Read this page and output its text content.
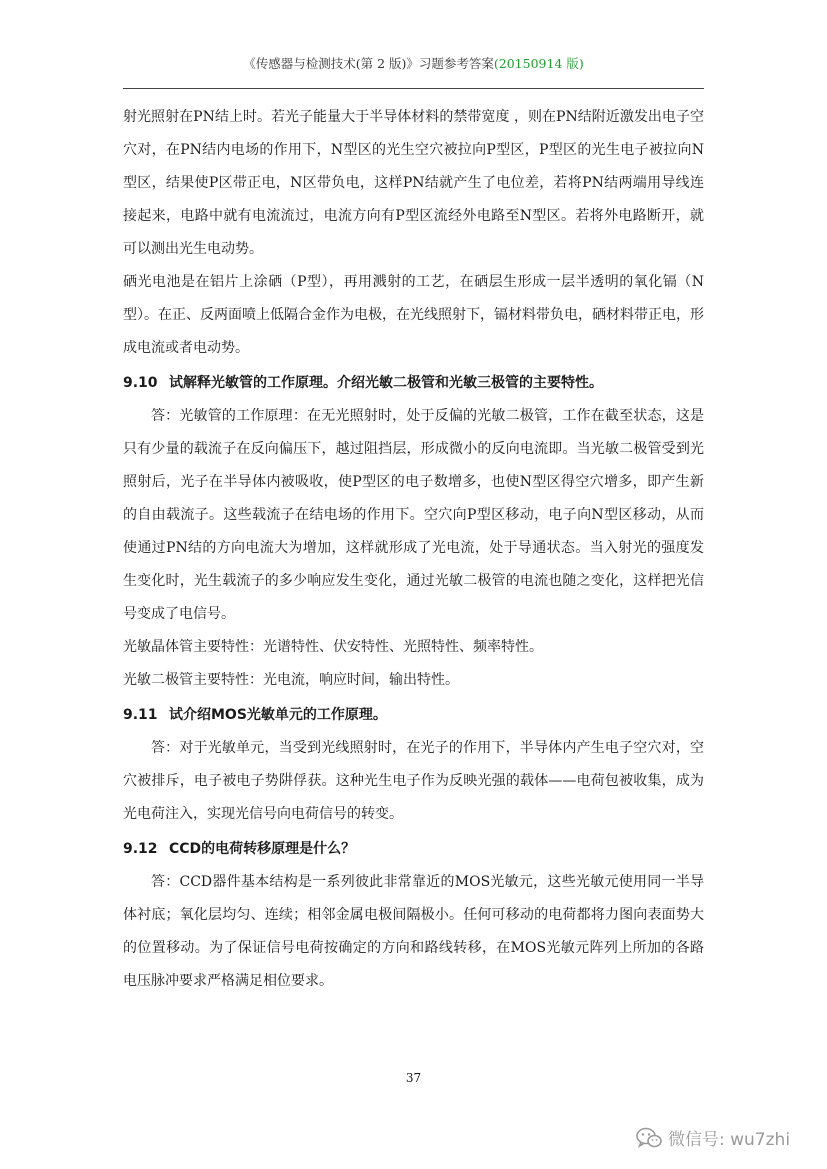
《传感器与检测技术(第 2 版)》习题参考答案(20150914 版)

射光照射在PN结上时。若光子能量大于半导体材料的禁带宽度 ，则在PN结附近激发出电子空穴对，在PN结内电场的作用下，N型区的光生空穴被拉向P型区，P型区的光生电子被拉向N型区，结果使P区带正电，N区带负电，这样PN结就产生了电位差，若将PN结两端用导线连接起来，电路中就有电流流过，电流方向有P型区流经外电路至N型区。若将外电路断开，就可以测出光生电动势。

硒光电池是在铝片上涂硒（P型），再用溅射的工艺，在硒层生形成一层半透明的氧化镉（N型）。在正、反两面喷上低隔合金作为电极，在光线照射下，镉材料带负电，硒材料带正电，形成电流或者电动势。

9.10 试解释光敏管的工作原理。介绍光敏二极管和光敏三极管的主要特性。

答：光敏管的工作原理：在无光照射时，处于反偏的光敏二极管，工作在截至状态，这是只有少量的载流子在反向偏压下，越过阻挡层，形成微小的反向电流即。当光敏二极管受到光照射后，光子在半导体内被吸收，使P型区的电子数增多，也使N型区得空穴增多，即产生新的自由载流子。这些载流子在结电场的作用下。空穴向P型区移动，电子向N型区移动，从而使通过PN结的方向电流大为增加，这样就形成了光电流，处于导通状态。当入射光的强度发生变化时，光生载流子的多少响应发生变化，通过光敏二极管的电流也随之变化，这样把光信号变成了电信号。

光敏晶体管主要特性：光谱特性、伏安特性、光照特性、频率特性。

光敏二极管主要特性：光电流，响应时间，输出特性。

9.11 试介绍MOS光敏单元的工作原理。

答：对于光敏单元，当受到光线照射时，在光子的作用下，半导体内产生电子空穴对，空穴被排斥，电子被电子势阱俘获。这种光生电子作为反映光强的载体——电荷包被收集，成为光电荷注入，实现光信号向电荷信号的转变。

9.12 CCD的电荷转移原理是什么？

答：CCD器件基本结构是一系列彼此非常靠近的MOS光敏元，这些光敏元使用同一半导体衬底；氧化层均匀、连续；相邻金属电极间隔极小。任何可移动的电荷都将力图向表面势大的位置移动。为了保证信号电荷按确定的方向和路线转移，在MOS光敏元阵列上所加的各路电压脉冲要求严格满足相位要求。

37
微信号: wu7zhi
